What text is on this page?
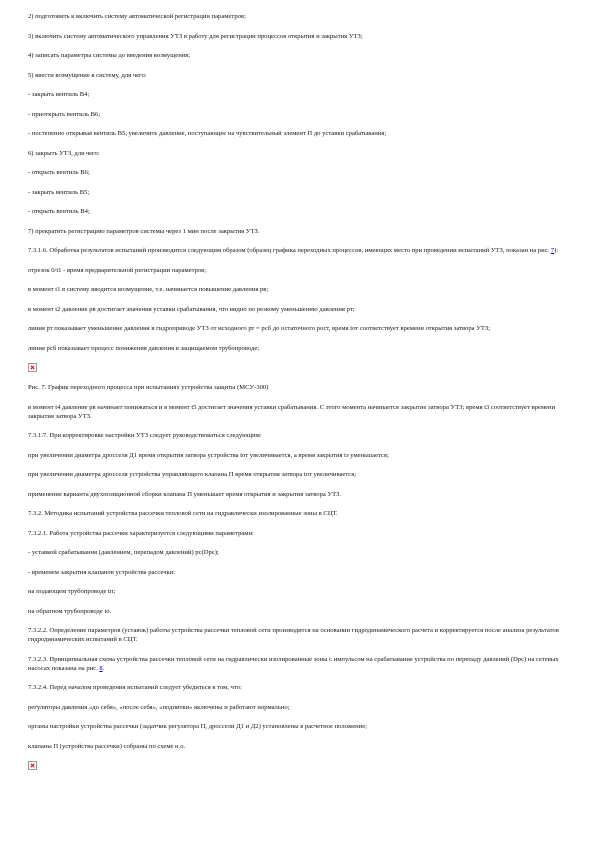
2) подготовить к включить систему автоматической регистрации параметров;

3) включить систему автоматического управления УТЗ в работу для регистрации процессов открытия и закрытия УТЗ;

4) записать параметры системы до введения возмущения;

5) ввести возмущение в систему, для чего:

- закрыть вентиль В4;

- приоткрыть вентиль В6;

- постепенно открывая вентиль В5, увеличить давление, поступающее на чувствительный элемент П до уставки срабатывания;

6) закрыть УТЗ, для чего:

- открыть вентиль В6;

- закрыть вентиль В5;

- открыть вентиль В4;

7) прекратить регистрацию параметров системы через 1 мин после закрытия УТЗ.

7.3.1.6. Обработка результатов испытаний производится следующим образом (образец графика переходных процессов, имеющих место при проведении испытаний УТЗ, показан на рис. 7):

отрезок 0/t1 - время предварительной регистрации параметров;

в момент t1 в систему вводится возмущение, т.е. начинается повышение давления рв;

в момент t2 давление рв достигает значения уставки срабатывания, что видно по резкому уменьшению давления рт;

линия рт показывает уменьшение давления в гидроприводе УТЗ от исходного рт = рсб до остаточного рост, время tот соответствует времени открытия затвора УТЗ;

линия рсб показывает процесс понижения давления в защищаемом трубопроводе;

Рис. 7. График переходного процесса при испытаниях устройства защиты (МСУ-300)

в момент t4 давление рв начинает понижаться и в момент t5 достигает значения уставки срабатывания. С этого момента начинается закрытие затвора УТЗ; время t3 соответствует времени закрытия затвора УТЗ.

7.3.1.7. При корректировке настройки УТЗ следует руководствоваться следующим:

при увеличении диаметра дросселя Д1 время открытия затвора устройства tот увеличивается, а время закрытия tз уменьшается;

при увеличении диаметра дросселя устройства управляющего клапана П время открытия затвора tот увеличивается;

применение варианта двухпозиционной сборки клапана П уменьшает время открытия и закрытия затвора УТЗ.

7.3.2. Методика испытаний устройства рассечки тепловой сети на гидравлически изолированные зоны в СЦТ.

7.3.2.1. Работа устройства рассечки характеризуется следующими параметрами:

- уставкой срабатывания (давлением, перепадом давлений) рс(Dрс);

- временем закрытия клапанов устройства рассечки:

на подающем трубопроводе tп;

на обратном трубопроводе tо.

7.3.2.2. Определение параметров (уставок) работы устройства рассечки тепловой сети производится на основании гидродинамического расчета и корректируется после анализа результатов гидродинамических испытаний в СЦТ.

7.3.2.3. Принципиальная схема устройства рассечки тепловой сети на гидравлически изолированные зоны с импульсом на срабатывание устройства по перепаду давлений (Dрс) на сетевых насосах показана на рис. 8.

7.3.2.4. Перед началом проведения испытаний следует убедиться в том, что:

регуляторы давления «до себя», «после себя», «подпитки» включены и работают нормально;

органы настройки устройства рассечки (задатчик регулятора П, дроссели Д1 и Д2) установлены в расчетное положение;

клапаны П (устройства рассечки) собраны по схеме н.о.
